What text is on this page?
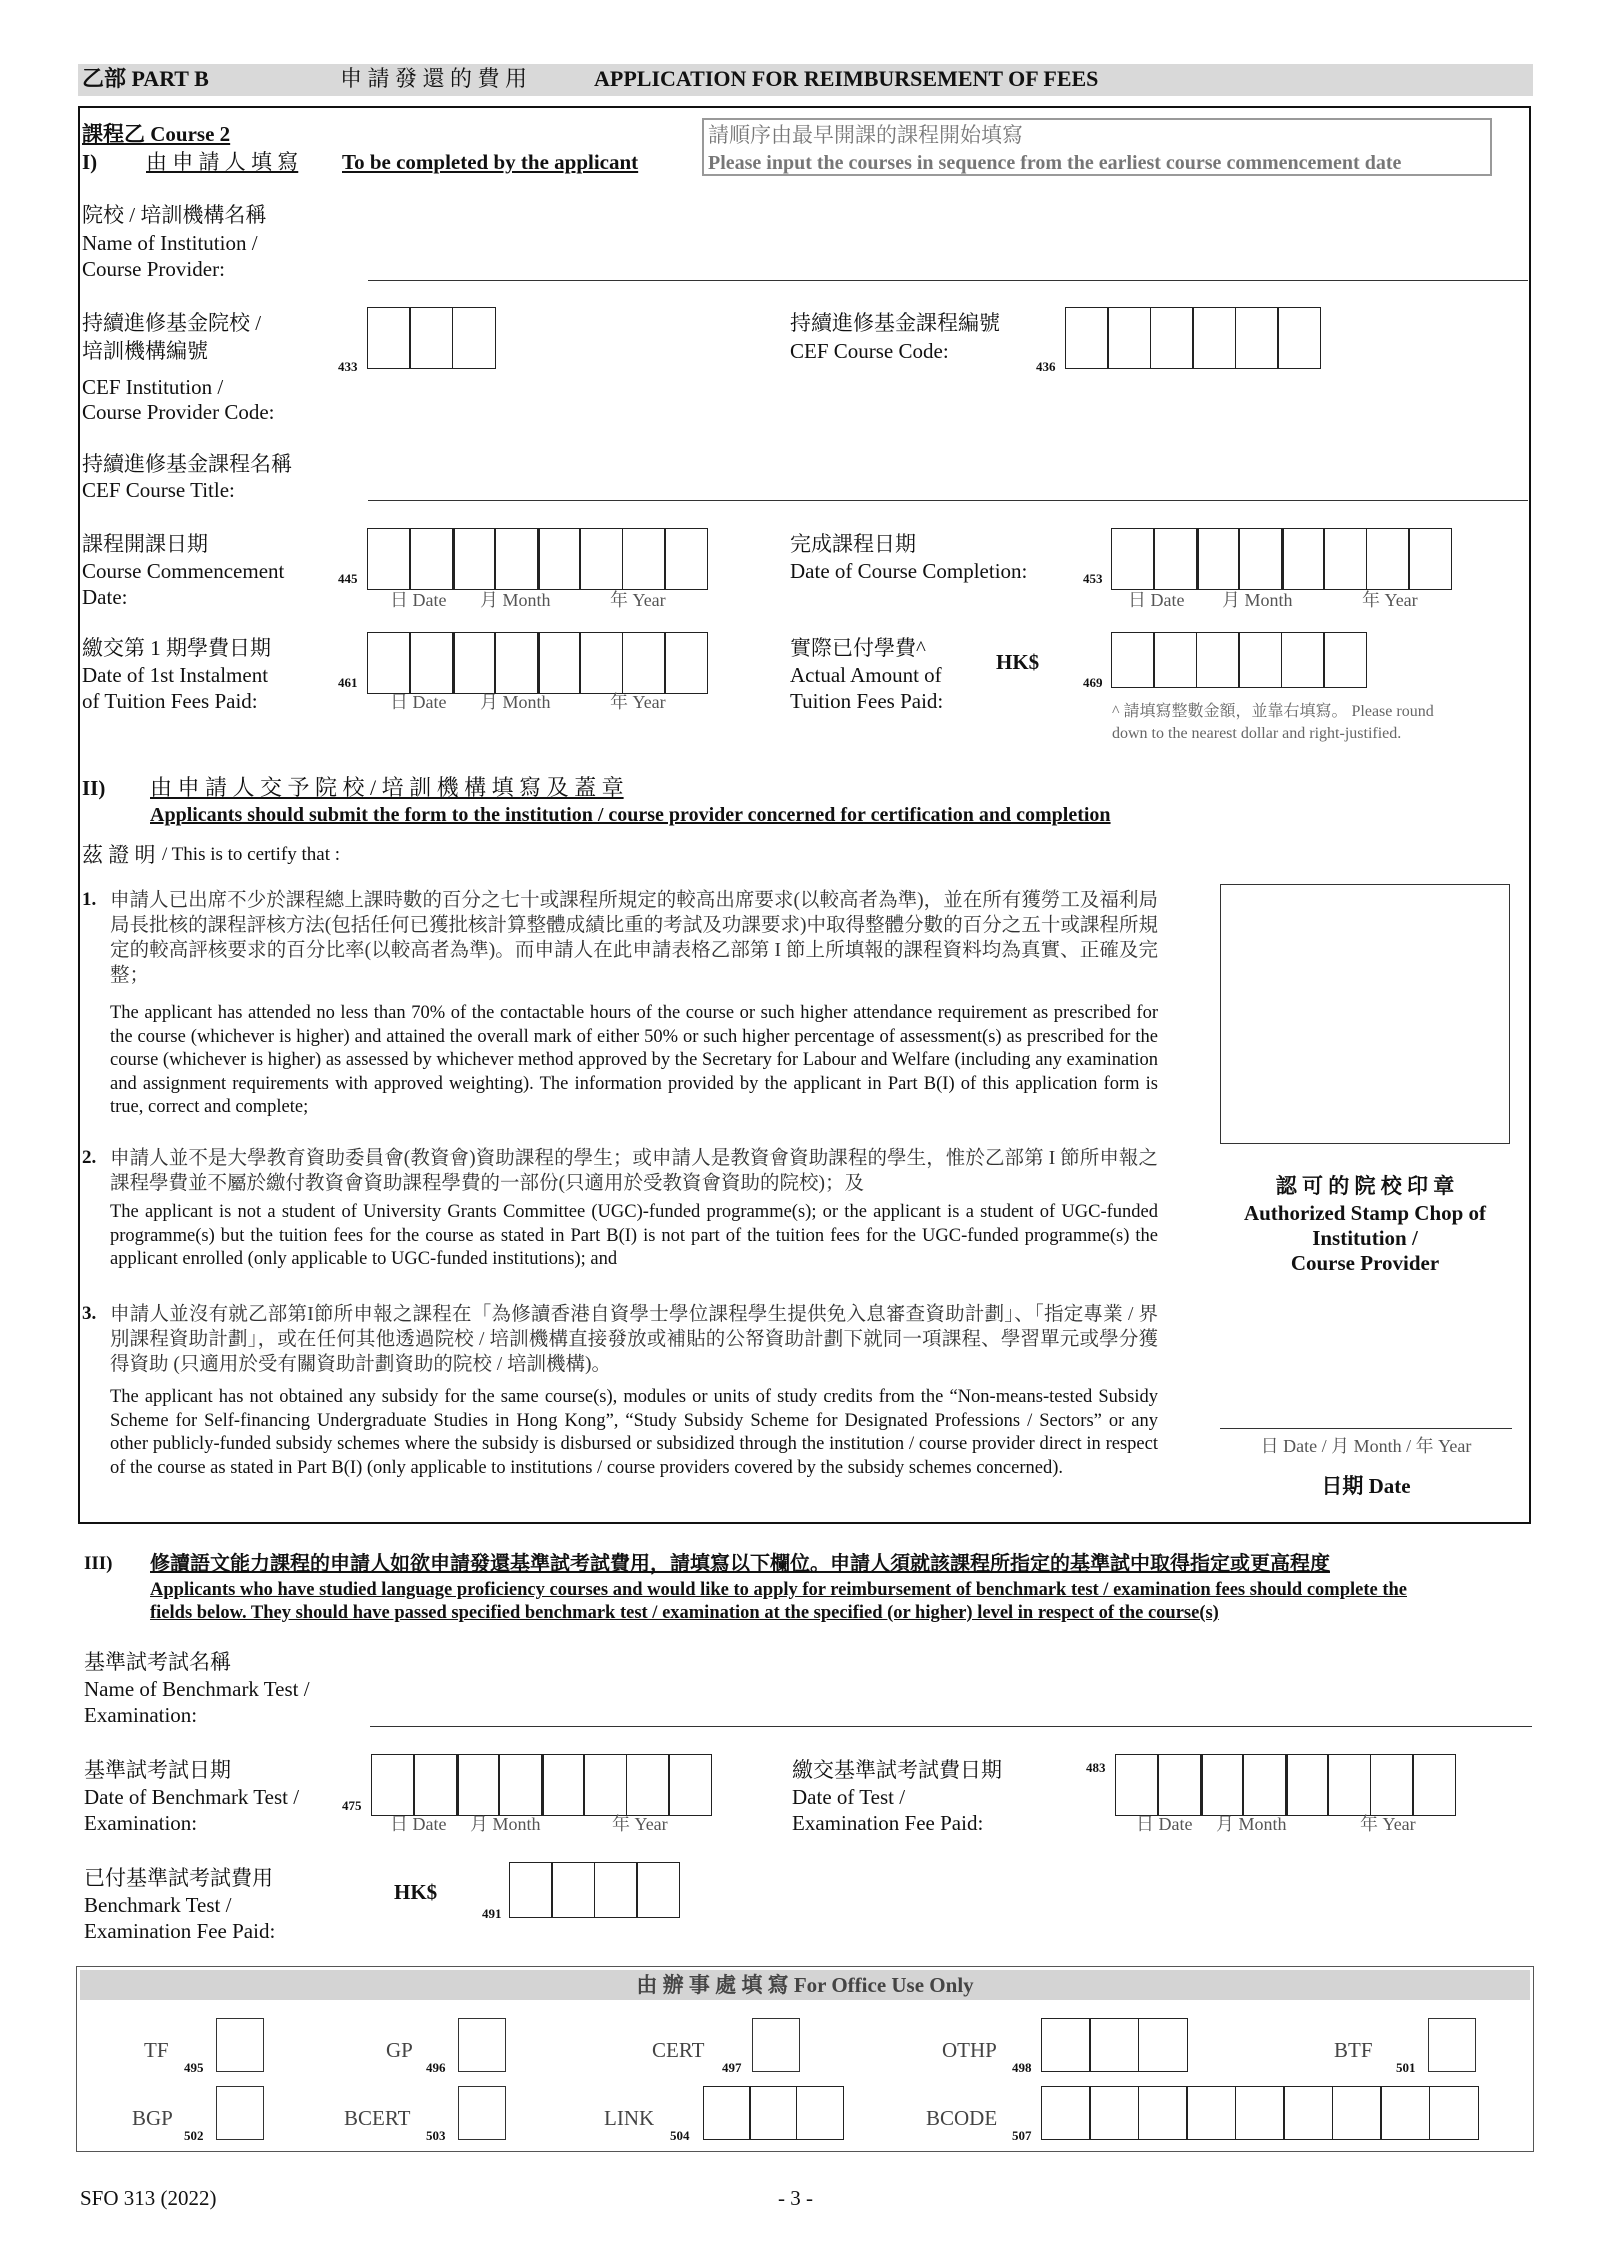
乙部 PART B	申 請 發 還 的 費 用	APPLICATION FOR REIMBURSEMENT OF FEES
課程乙 Course 2
I) 由 申 請 人 填 寫 To be completed by the applicant
請順序由最早開課的課程開始填寫
Please input the courses in sequence from the earliest course commencement date
院校 / 培訓機構名稱
Name of Institution /
Course Provider:
持續進修基金院校 /
培訓機構編號
CEF Institution /
Course Provider Code:
433
持續進修基金課程編號
CEF Course Code:
436
持續進修基金課程名稱
CEF Course Title:
課程開課日期
Course Commencement
Date:
445
日 Date 月 Month	年 Year
完成課程日期
Date of Course Completion:	453
日 Date 月 Month	年 Year
繳交第 1 期學費日期
Date of 1st Instalment
of Tuition Fees Paid:
461
日 Date 月 Month	年 Year
實際已付學費^
HK$
Actual Amount of
Tuition Fees Paid:
469
^ 請填寫整數金額，並靠右填寫。 Please round
down to the nearest dollar and right-justified.
II) 由 申 請 人 交 予 院 校 / 培 訓 機 構 填 寫 及 蓋 章
Applicants should submit the form to the institution / course provider concerned for certification and completion
茲 證 明 / This is to certify that :
1. 申請人已出席不少於課程總上課時數的百分之七十或課程所規定的較高出席要求(以較高者為準)，並在所有獲勞工及福利局局長批核的課程評核方法(包括任何已獲批核計算整體成績比重的考試及功課要求)中取得整體分數的百分之五十或課程所規定的較高評核要求的百分比率(以較高者為準)。而申請人在此申請表格乙部第 I 節上所填報的課程資料均為真實、正確及完整；
The applicant has attended no less than 70% of the contactable hours of the course or such higher attendance requirement as prescribed for the course (whichever is higher) and attained the overall mark of either 50% or such higher percentage of assessment(s) as prescribed for the course (whichever is higher) as assessed by whichever method approved by the Secretary for Labour and Welfare (including any examination and assignment requirements with approved weighting). The information provided by the applicant in Part B(I) of this application form is true, correct and complete;
2. 申請人並不是大學教育資助委員會(教資會)資助課程的學生；或申請人是教資會資助課程的學生，惟於乙部第 I 節所申報之課程學費並不屬於繳付教資會資助課程學費的一部份(只適用於受教資會資助的院校)；及
The applicant is not a student of University Grants Committee (UGC)-funded programme(s); or the applicant is a student of UGC-funded programme(s) but the tuition fees for the course as stated in Part B(I) is not part of the tuition fees for the UGC-funded programme(s) the applicant enrolled (only applicable to UGC-funded institutions); and
3. 申請人並沒有就乙部第I節所申報之課程在「為修讀香港自資學士學位課程學生提供免入息審查資助計劃」、「指定專業 / 界別課程資助計劃」，或在任何其他透過院校 / 培訓機構直接發放或補貼的公帑資助計劃下就同一項課程、學習單元或學分獲得資助 (只適用於受有關資助計劃資助的院校 / 培訓機構)。
The applicant has not obtained any subsidy for the same course(s), modules or units of study credits from the “Non-means-tested Subsidy Scheme for Self-financing Undergraduate Studies in Hong Kong”, “Study Subsidy Scheme for Designated Professions / Sectors” or any other publicly-funded subsidy schemes where the subsidy is disbursed or subsidized through the institution / course provider direct in respect of the course as stated in Part B(I) (only applicable to institutions / course providers covered by the subsidy schemes concerned).
認 可 的 院 校 印 章
Authorized Stamp Chop of
Institution /
Course Provider
日 Date / 月 Month / 年 Year
日期 Date
III) 修讀語文能力課程的申請人如欲申請發還基準試考試費用，請填寫以下欄位。申請人須就該課程所指定的基準試中取得指定或更高程度
Applicants who have studied language proficiency courses and would like to apply for reimbursement of benchmark test / examination fees should complete the
fields below. They should have passed specified benchmark test / examination at the specified (or higher) level in respect of the course(s)
基準試考試名稱
Name of Benchmark Test /
Examination:
基準試考試日期
Date of Benchmark Test /
Examination:
475
日 Date 月 Month	年 Year
繳交基準試考試費日期
Date of Test /
Examination Fee Paid:
483
日 Date 月 Month	年 Year
已付基準試考試費用
Benchmark Test /
Examination Fee Paid:
HK$
491
由 辦 事 處 填 寫 For Office Use Only
TF
495
GP
496
CERT
497
OTHP
498
BTF
501
BGP
502
BCERT
503
LINK
504
BCODE
507
SFO 313 (2022)	- 3 -
